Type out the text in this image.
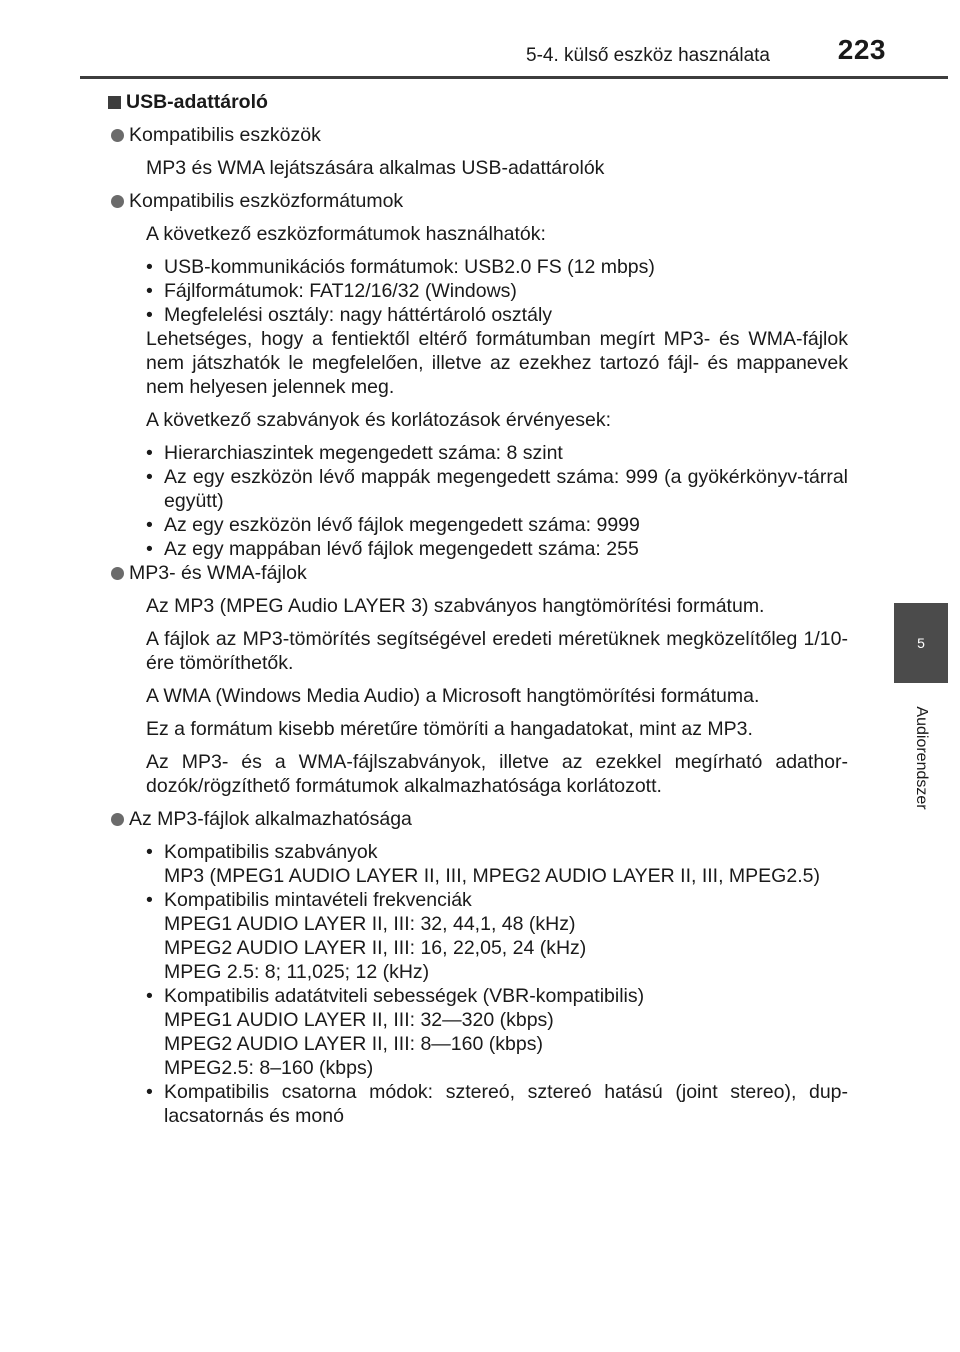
5-4. külső eszköz használata 223
5
Audiorendszer
USB-adattároló
Kompatibilis eszközök
MP3 és WMA lejátszására alkalmas USB-adattárolók
Kompatibilis eszközformátumok
A következő eszközformátumok használhatók:
• USB-kommunikációs formátumok: USB2.0 FS (12 mbps)
• Fájlformátumok: FAT12/16/32 (Windows)
• Megfelelési osztály: nagy háttértároló osztály
Lehetséges, hogy a fentiektől eltérő formátumban megírt MP3- és WMA-fájlok nem játszhatók le megfelelően, illetve az ezekhez tartozó fájl- és mappanevek nem helyesen jelennek meg.
A következő szabványok és korlátozások érvényesek:
• Hierarchiaszintek megengedett száma: 8 szint
• Az egy eszközön lévő mappák megengedett száma: 999 (a gyökérkönyv-tárral együtt)
• Az egy eszközön lévő fájlok megengedett száma: 9999
• Az egy mappában lévő fájlok megengedett száma: 255
MP3- és WMA-fájlok
Az MP3 (MPEG Audio LAYER 3) szabványos hangtömörítési formátum.
A fájlok az MP3-tömörítés segítségével eredeti méretüknek megközelítőleg 1/10-ére tömöríthetők.
A WMA (Windows Media Audio) a Microsoft hangtömörítési formátuma.
Ez a formátum kisebb méretűre tömöríti a hangadatokat, mint az MP3.
Az MP3- és a WMA-fájlszabványok, illetve az ezekkel megírható adathor-dozók/rögzíthető formátumok alkalmazhatósága korlátozott.
Az MP3-fájlok alkalmazhatósága
• Kompatibilis szabványok
MP3 (MPEG1 AUDIO LAYER II, III, MPEG2 AUDIO LAYER II, III, MPEG2.5)
• Kompatibilis mintavételi frekvenciák
MPEG1 AUDIO LAYER II, III: 32, 44,1, 48 (kHz)
MPEG2 AUDIO LAYER II, III: 16, 22,05, 24 (kHz)
MPEG 2.5: 8; 11,025; 12 (kHz)
• Kompatibilis adatátviteli sebességek (VBR-kompatibilis)
MPEG1 AUDIO LAYER II, III: 32—320 (kbps)
MPEG2 AUDIO LAYER II, III: 8—160 (kbps)
MPEG2.5: 8–160 (kbps)
• Kompatibilis csatorna módok: sztereó, sztereó hatású (joint stereo), dup-lacsatornás és monó
